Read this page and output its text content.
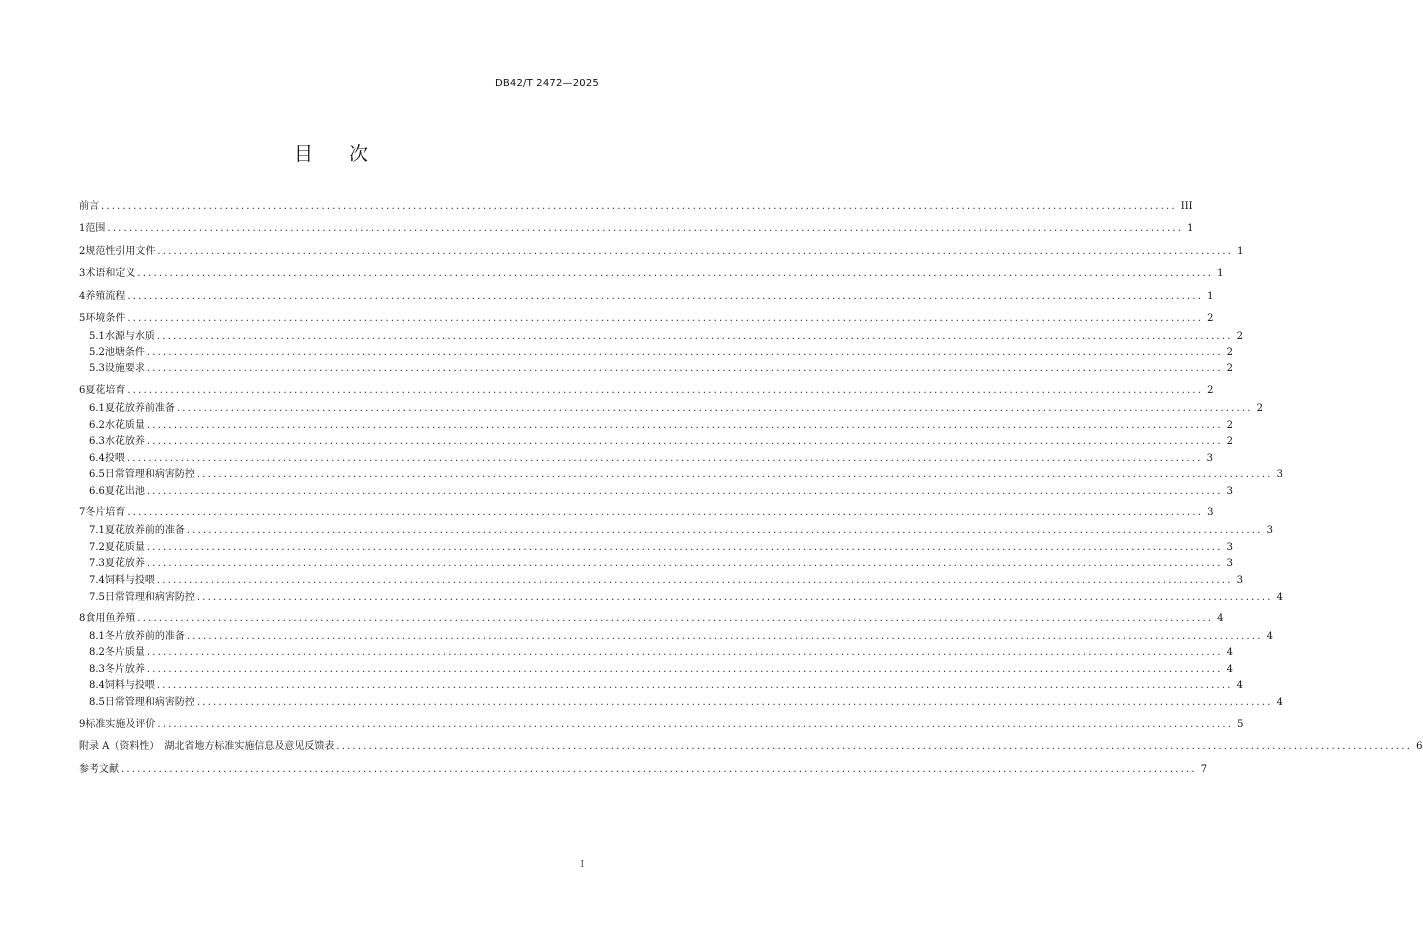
DB42/T 2472—2025
目 次
前言 ........................................................................................................................................................................................................ III
1 范围 ........................................................................................................................................................................................................ 1
2 规范性引用文件 ........................................................................................................................................................................................................ 1
3 术语和定义 ........................................................................................................................................................................................................ 1
4 养殖流程 ........................................................................................................................................................................................................ 1
5 环境条件 ........................................................................................................................................................................................................ 2
5.1 水源与水质 ........................................................................................................................................................................................................ 2
5.2 池塘条件 ........................................................................................................................................................................................................ 2
5.3 设施要求 ........................................................................................................................................................................................................ 2
6 夏花培育 ........................................................................................................................................................................................................ 2
6.1 夏花放养前准备 ........................................................................................................................................................................................................ 2
6.2 水花质量 ........................................................................................................................................................................................................ 2
6.3 水花放养 ........................................................................................................................................................................................................ 2
6.4 投喂 ........................................................................................................................................................................................................ 3
6.5 日常管理和病害防控 ........................................................................................................................................................................................................ 3
6.6 夏花出池 ........................................................................................................................................................................................................ 3
7 冬片培育 ........................................................................................................................................................................................................ 3
7.1 夏花放养前的准备 ........................................................................................................................................................................................................ 3
7.2 夏花质量 ........................................................................................................................................................................................................ 3
7.3 夏花放养 ........................................................................................................................................................................................................ 3
7.4 饲料与投喂 ........................................................................................................................................................................................................ 3
7.5 日常管理和病害防控 ........................................................................................................................................................................................................ 4
8 食用鱼养殖 ........................................................................................................................................................................................................ 4
8.1 冬片放养前的准备 ........................................................................................................................................................................................................ 4
8.2 冬片质量 ........................................................................................................................................................................................................ 4
8.3 冬片放养 ........................................................................................................................................................................................................ 4
8.4 饲料与投喂 ........................................................................................................................................................................................................ 4
8.5 日常管理和病害防控 ........................................................................................................................................................................................................ 4
9 标准实施及评价 ........................................................................................................................................................................................................ 5
附录 A（资料性）　湖北省地方标准实施信息及意见反馈表 ........................................................................................................................................................................................................ 6
参考文献 ........................................................................................................................................................................................................ 7
I
